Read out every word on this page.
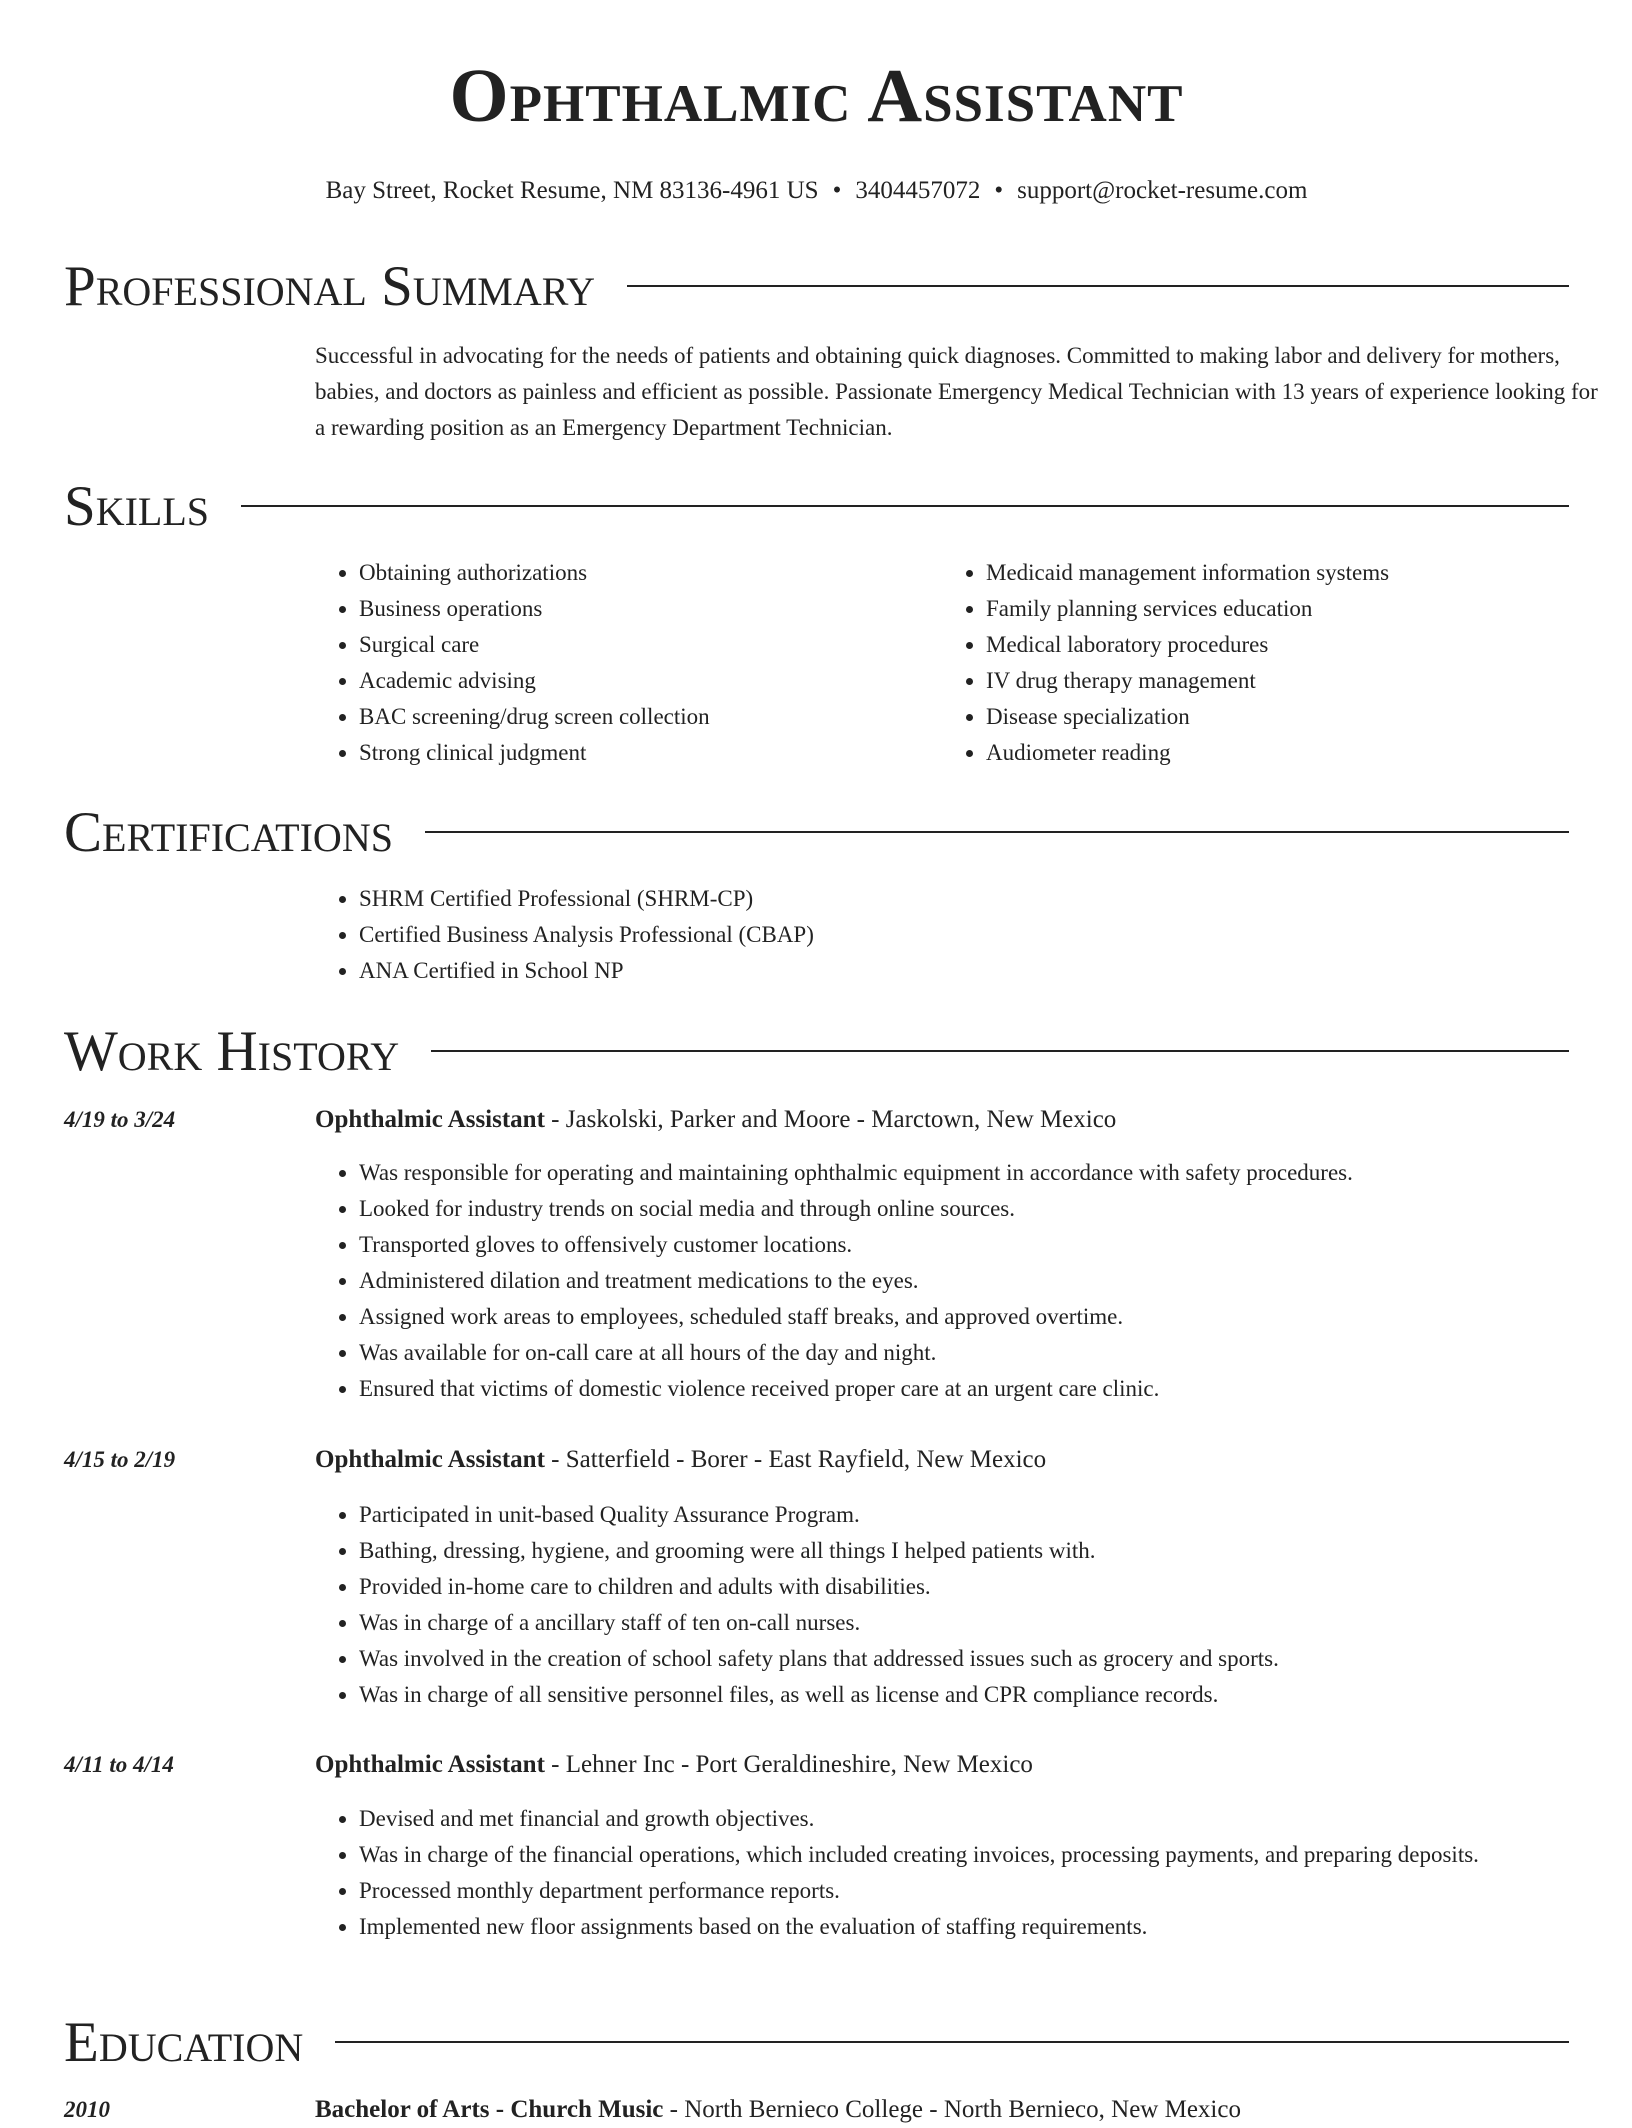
Ophthalmic Assistant
Bay Street, Rocket Resume, NM 83136-4961 US • 3404457072 • support@rocket-resume.com
Professional Summary
Successful in advocating for the needs of patients and obtaining quick diagnoses. Committed to making labor and delivery for mothers, babies, and doctors as painless and efficient as possible. Passionate Emergency Medical Technician with 13 years of experience looking for a rewarding position as an Emergency Department Technician.
Skills
• Obtaining authorizations
• Business operations
• Surgical care
• Academic advising
• BAC screening/drug screen collection
• Strong clinical judgment
• Medicaid management information systems
• Family planning services education
• Medical laboratory procedures
• IV drug therapy management
• Disease specialization
• Audiometer reading
Certifications
• SHRM Certified Professional (SHRM-CP)
• Certified Business Analysis Professional (CBAP)
• ANA Certified in School NP
Work History
4/19 to 3/24	Ophthalmic Assistant - Jaskolski, Parker and Moore - Marctown, New Mexico
• Was responsible for operating and maintaining ophthalmic equipment in accordance with safety procedures.
• Looked for industry trends on social media and through online sources.
• Transported gloves to offensively customer locations.
• Administered dilation and treatment medications to the eyes.
• Assigned work areas to employees, scheduled staff breaks, and approved overtime.
• Was available for on-call care at all hours of the day and night.
• Ensured that victims of domestic violence received proper care at an urgent care clinic.
4/15 to 2/19	Ophthalmic Assistant - Satterfield - Borer - East Rayfield, New Mexico
• Participated in unit-based Quality Assurance Program.
• Bathing, dressing, hygiene, and grooming were all things I helped patients with.
• Provided in-home care to children and adults with disabilities.
• Was in charge of a ancillary staff of ten on-call nurses.
• Was involved in the creation of school safety plans that addressed issues such as grocery and sports.
• Was in charge of all sensitive personnel files, as well as license and CPR compliance records.
4/11 to 4/14	Ophthalmic Assistant - Lehner Inc - Port Geraldineshire, New Mexico
• Devised and met financial and growth objectives.
• Was in charge of the financial operations, which included creating invoices, processing payments, and preparing deposits.
• Processed monthly department performance reports.
• Implemented new floor assignments based on the evaluation of staffing requirements.
Education
2010	Bachelor of Arts - Church Music - North Bernieco College - North Bernieco, New Mexico
